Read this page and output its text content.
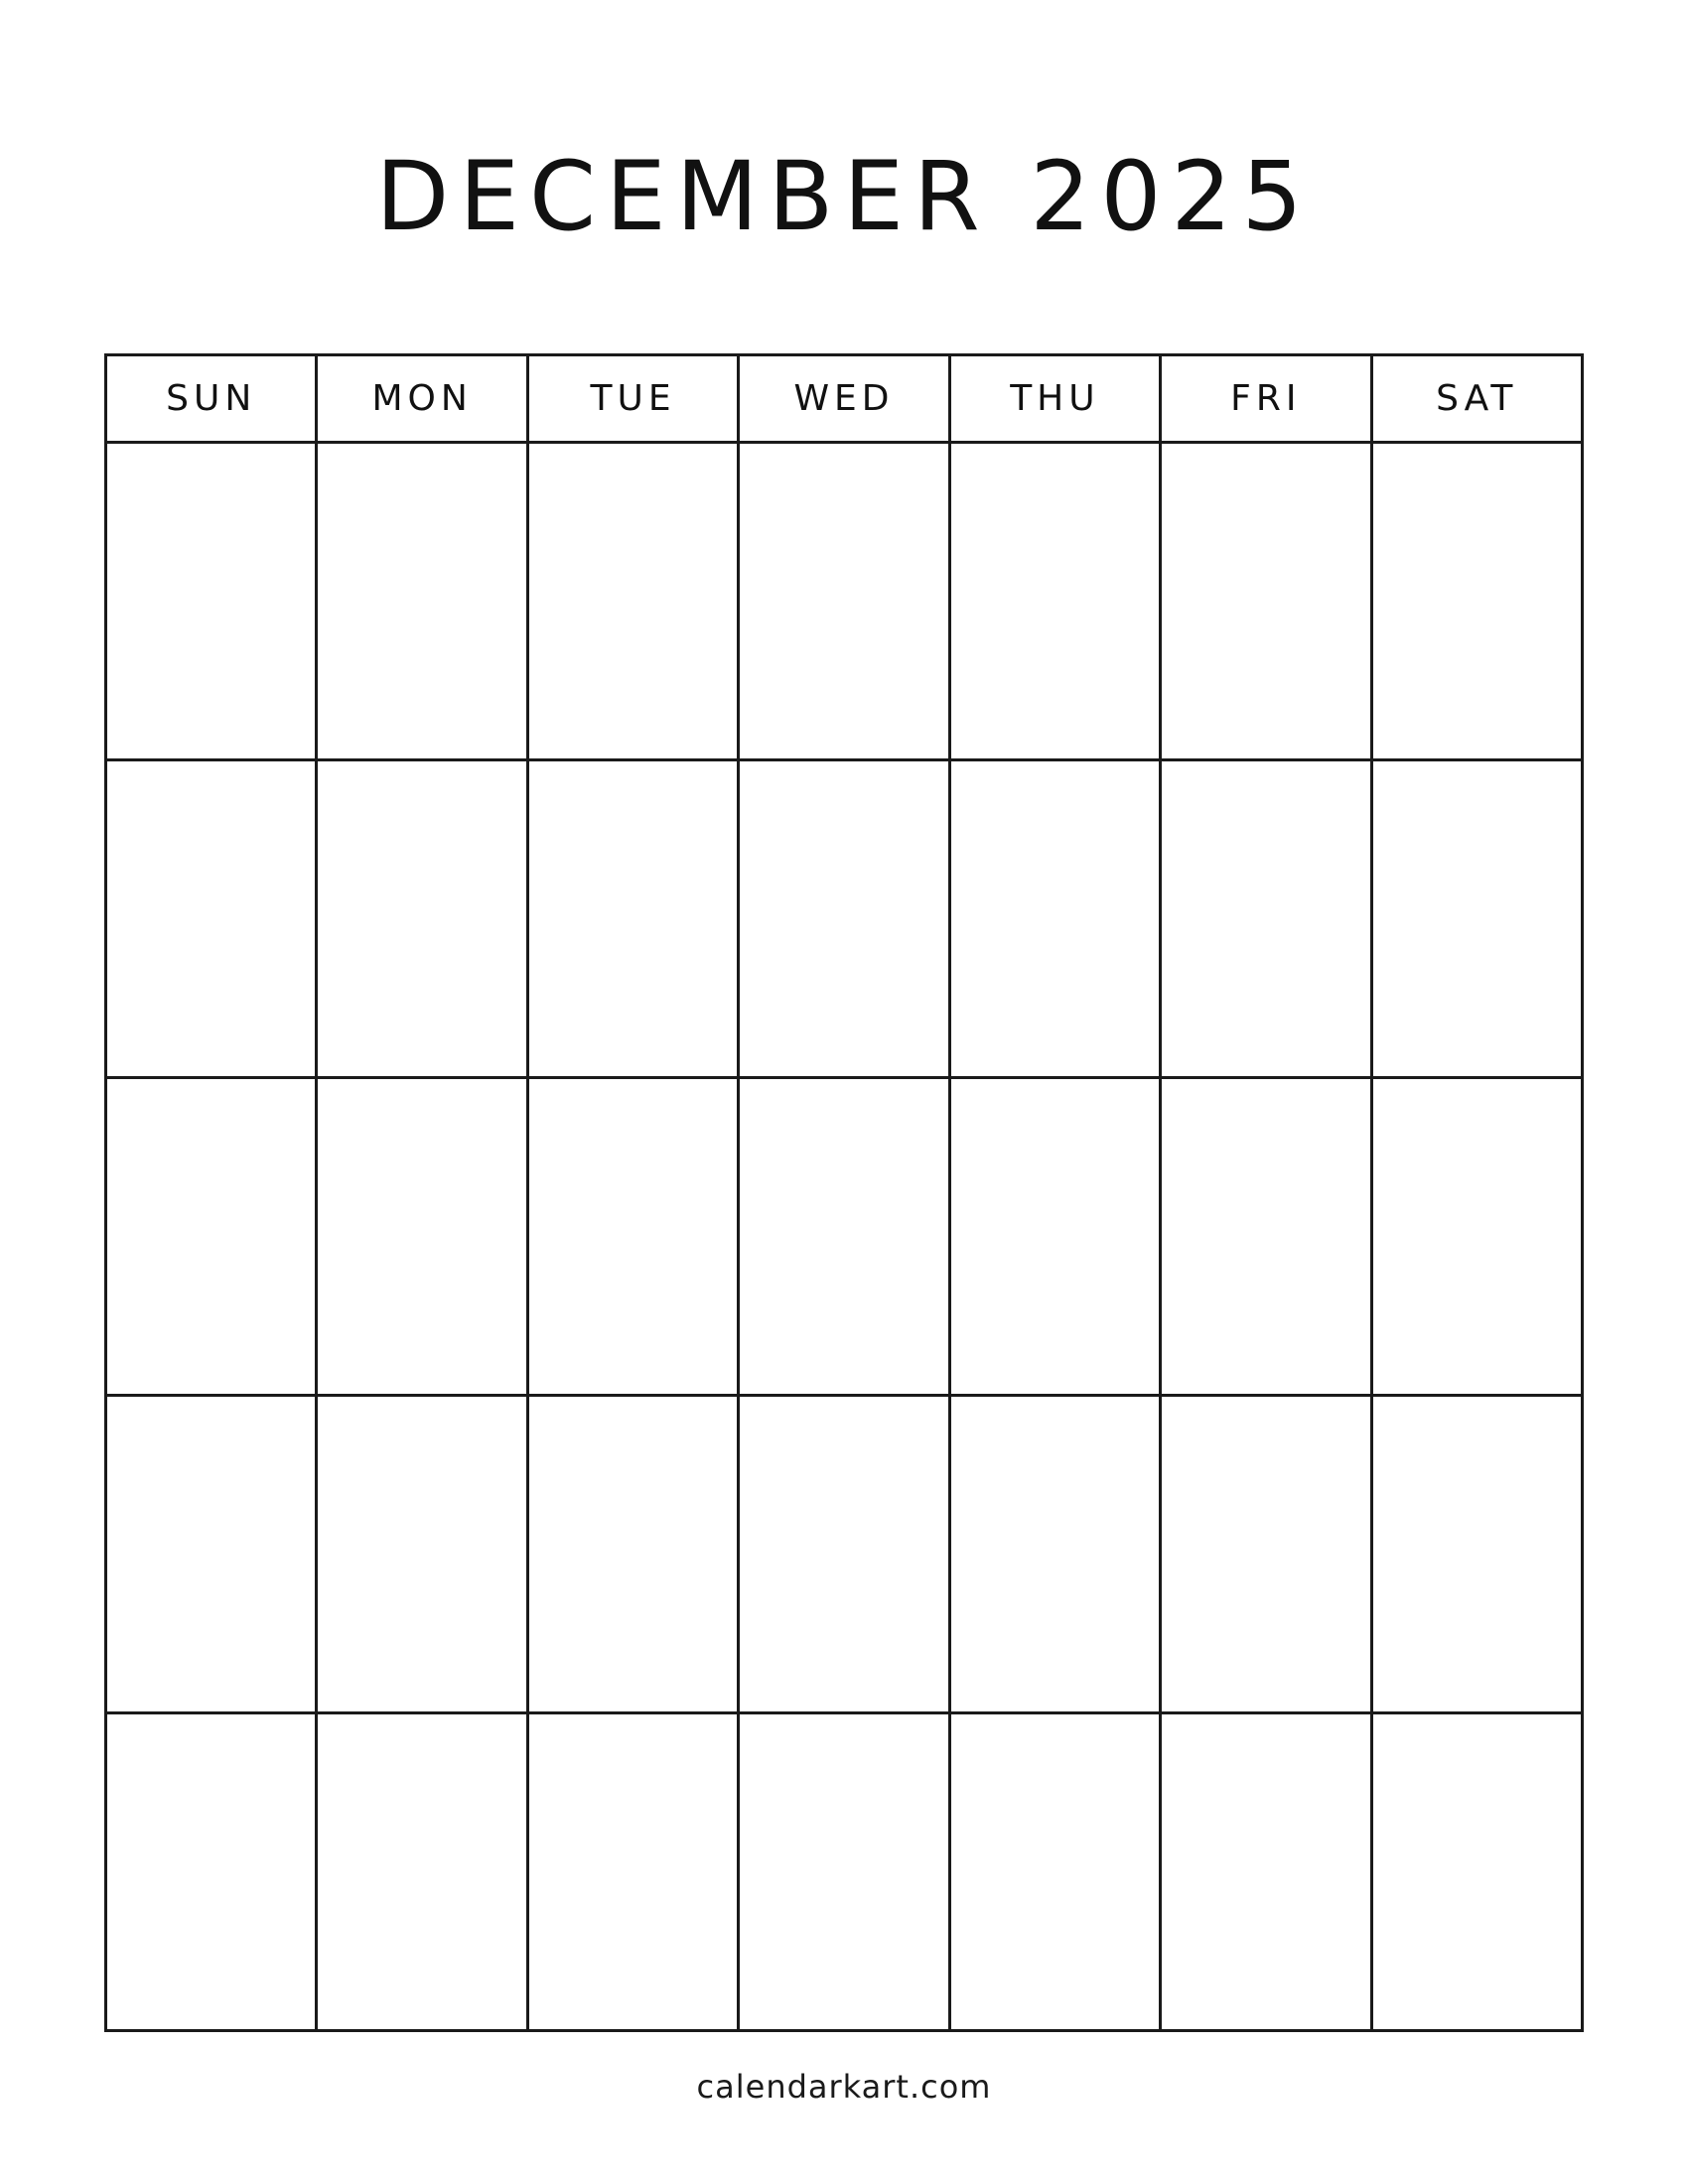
DECEMBER 2025
SUN	MON	TUE	WED	THU	FRI	SAT
calendarkart.com
